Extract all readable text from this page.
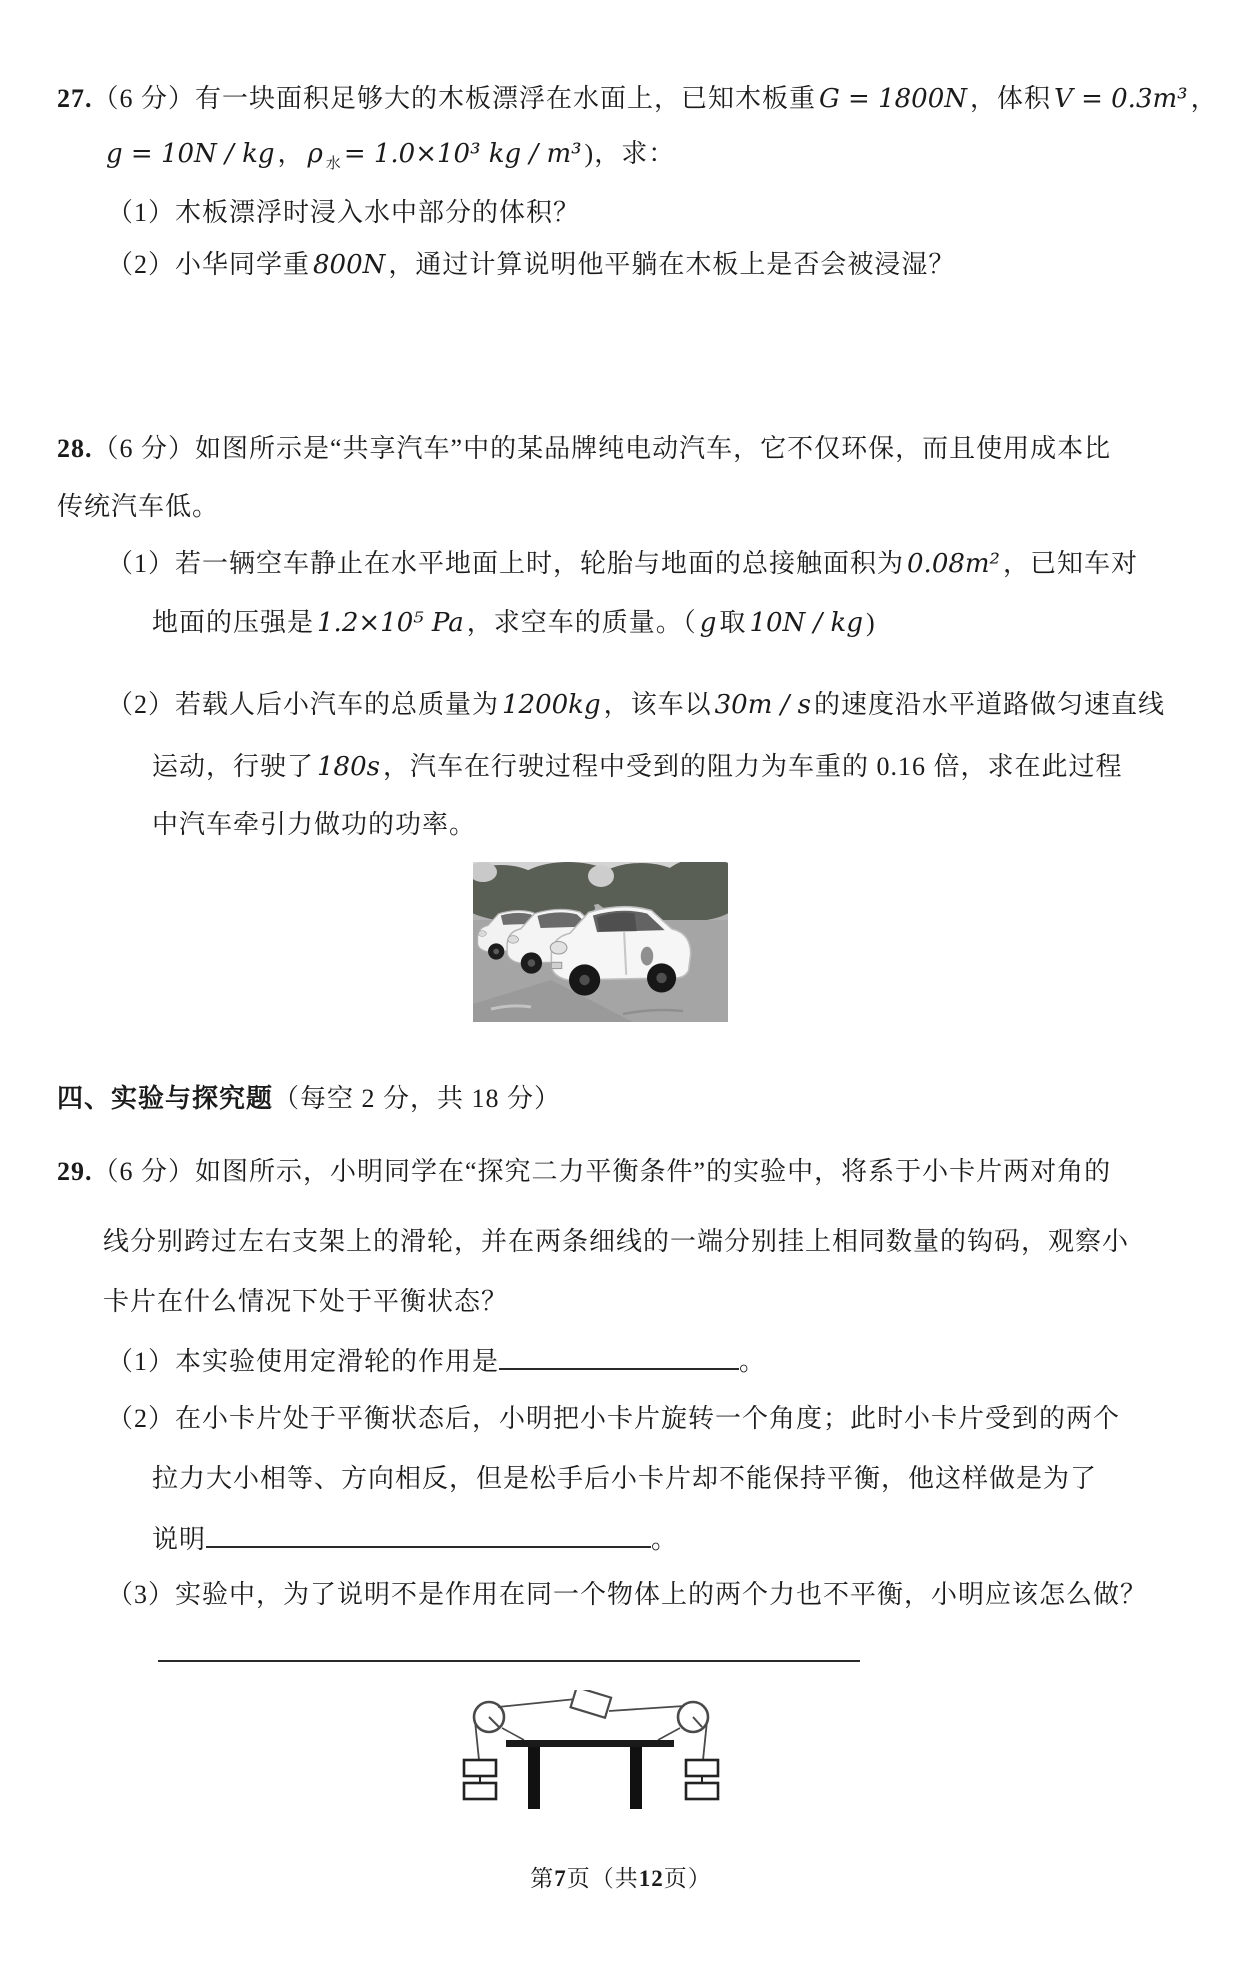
27.（6 分）有一块面积足够大的木板漂浮在水面上，已知木板重 G = 1800N ，体积 V = 0.3m³ ，
g = 10N / kg ， ρ $_水$ = 1.0×10³ kg / m³ )，求：
（1）木板漂浮时浸入水中部分的体积？
（2）小华同学重 800N ，通过计算说明他平躺在木板上是否会被浸湿？
28.（6 分）如图所示是“共享汽车”中的某品牌纯电动汽车，它不仅环保，而且使用成本比
传统汽车低。
（1）若一辆空车静止在水平地面上时，轮胎与地面的总接触面积为 0.08m² ，已知车对
地面的压强是 1.2×10⁵ Pa ，求空车的质量。（ g 取 10N / kg )
（2）若载人后小汽车的总质量为 1200kg ，该车以 30m / s 的速度沿水平道路做匀速直线
运动，行驶了 180s ，汽车在行驶过程中受到的阻力为车重的 0.16 倍，求在此过程
中汽车牵引力做功的功率。
四、实验与探究题（每空 2 分，共 18 分）
29.（6 分）如图所示，小明同学在“探究二力平衡条件”的实验中，将系于小卡片两对角的
线分别跨过左右支架上的滑轮，并在两条细线的一端分别挂上相同数量的钩码，观察小
卡片在什么情况下处于平衡状态？
（1）本实验使用定滑轮的作用是	。
（2）在小卡片处于平衡状态后，小明把小卡片旋转一个角度；此时小卡片受到的两个
拉力大小相等、方向相反，但是松手后小卡片却不能保持平衡，他这样做是为了
说明	。
（3）实验中，为了说明不是作用在同一个物体上的两个力也不平衡，小明应该怎么做？
第7页（共12页）
